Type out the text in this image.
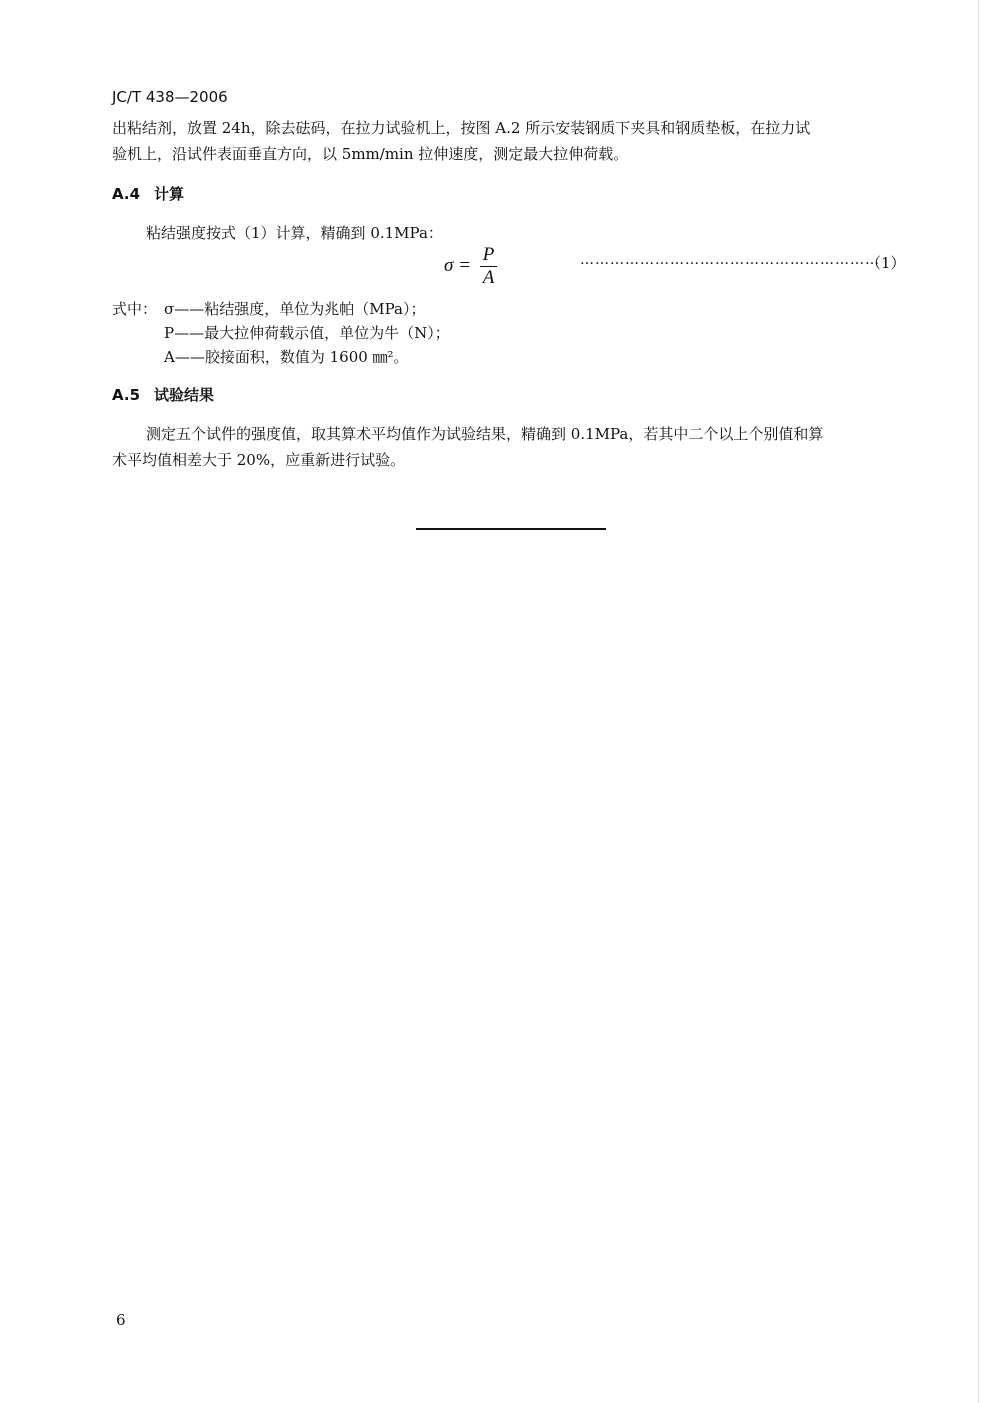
JC/T 438—2006
出粘结剂，放置 24h，除去砝码，在拉力试验机上，按图 A.2 所示安装钢质下夹具和钢质垫板，在拉力试
验机上，沿试件表面垂直方向，以 5mm/min 拉伸速度，测定最大拉伸荷载。
A.4 计算
粘结强度按式（1）计算，精确到 0.1MPa：
$\sigma = \frac{P}{A}$	……………………………………………………
（1）
式中： σ——粘结强度，单位为兆帕（MPa）；
P——最大拉伸荷载示值，单位为牛（N）；
A——胶接面积，数值为 1600 ㎜²。
A.5 试验结果
测定五个试件的强度值，取其算术平均值作为试验结果，精确到 0.1MPa，若其中二个以上个别值和算
术平均值相差大于 20%，应重新进行试验。
6
